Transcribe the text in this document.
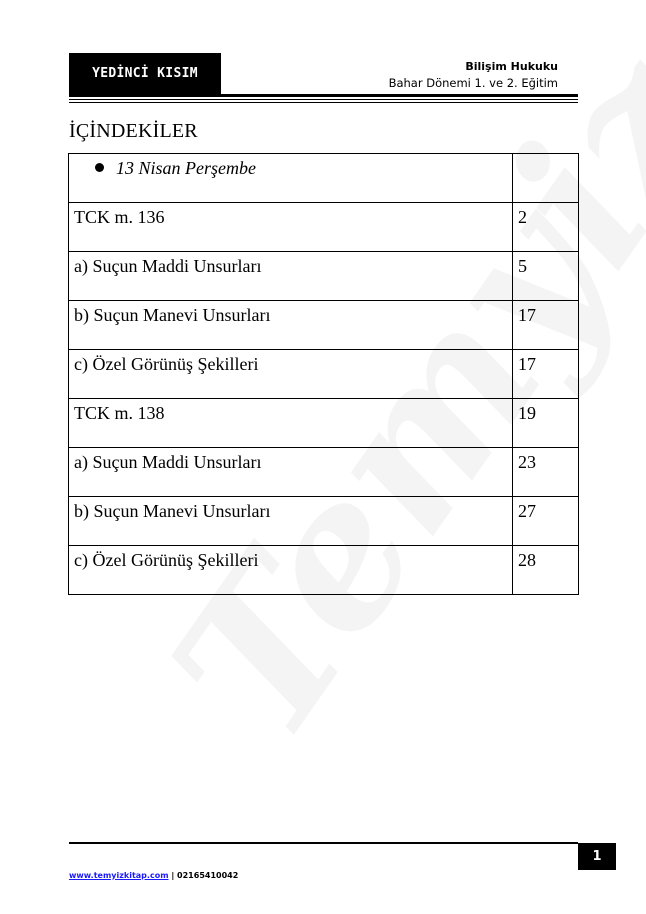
YEDİNCİ KISIM	Bilişim Hukuku
Bahar Dönemi 1. ve 2. Eğitim
İÇİNDEKİLER
13 Nisan Perşembe	
TCK m. 136	2
a) Suçun Maddi Unsurları	5
b) Suçun Manevi Unsurları	17
c) Özel Görünüş Şekilleri	17
TCK m. 138	19
a) Suçun Maddi Unsurları	23
b) Suçun Manevi Unsurları	27
c) Özel Görünüş Şekilleri	28
1
www.temyizkitap.com | 02165410042
